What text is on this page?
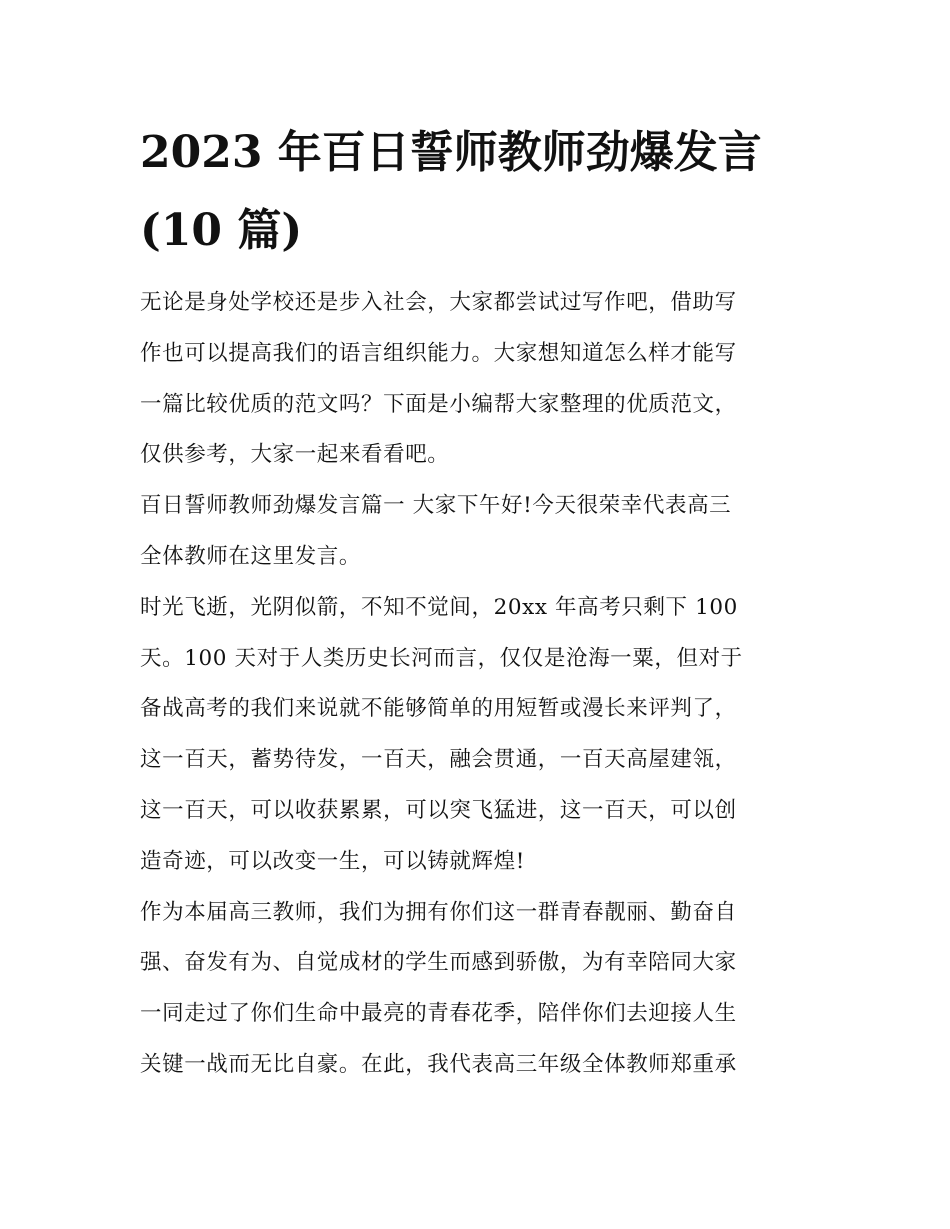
2023 年百日誓师教师劲爆发言
(10 篇)
无论是身处学校还是步入社会，大家都尝试过写作吧，借助写
作也可以提高我们的语言组织能力。大家想知道怎么样才能写
一篇比较优质的范文吗？下面是小编帮大家整理的优质范文，
仅供参考，大家一起来看看吧。
百日誓师教师劲爆发言篇一 大家下午好!今天很荣幸代表高三
全体教师在这里发言。
时光飞逝，光阴似箭，不知不觉间，20xx 年高考只剩下 100
天。100 天对于人类历史长河而言，仅仅是沧海一粟，但对于
备战高考的我们来说就不能够简单的用短暂或漫长来评判了，
这一百天，蓄势待发，一百天，融会贯通，一百天高屋建瓴，
这一百天，可以收获累累，可以突飞猛进，这一百天，可以创
造奇迹，可以改变一生，可以铸就辉煌!
作为本届高三教师，我们为拥有你们这一群青春靓丽、勤奋自
强、奋发有为、自觉成材的学生而感到骄傲，为有幸陪同大家
一同走过了你们生命中最亮的青春花季，陪伴你们去迎接人生
关键一战而无比自豪。在此，我代表高三年级全体教师郑重承
